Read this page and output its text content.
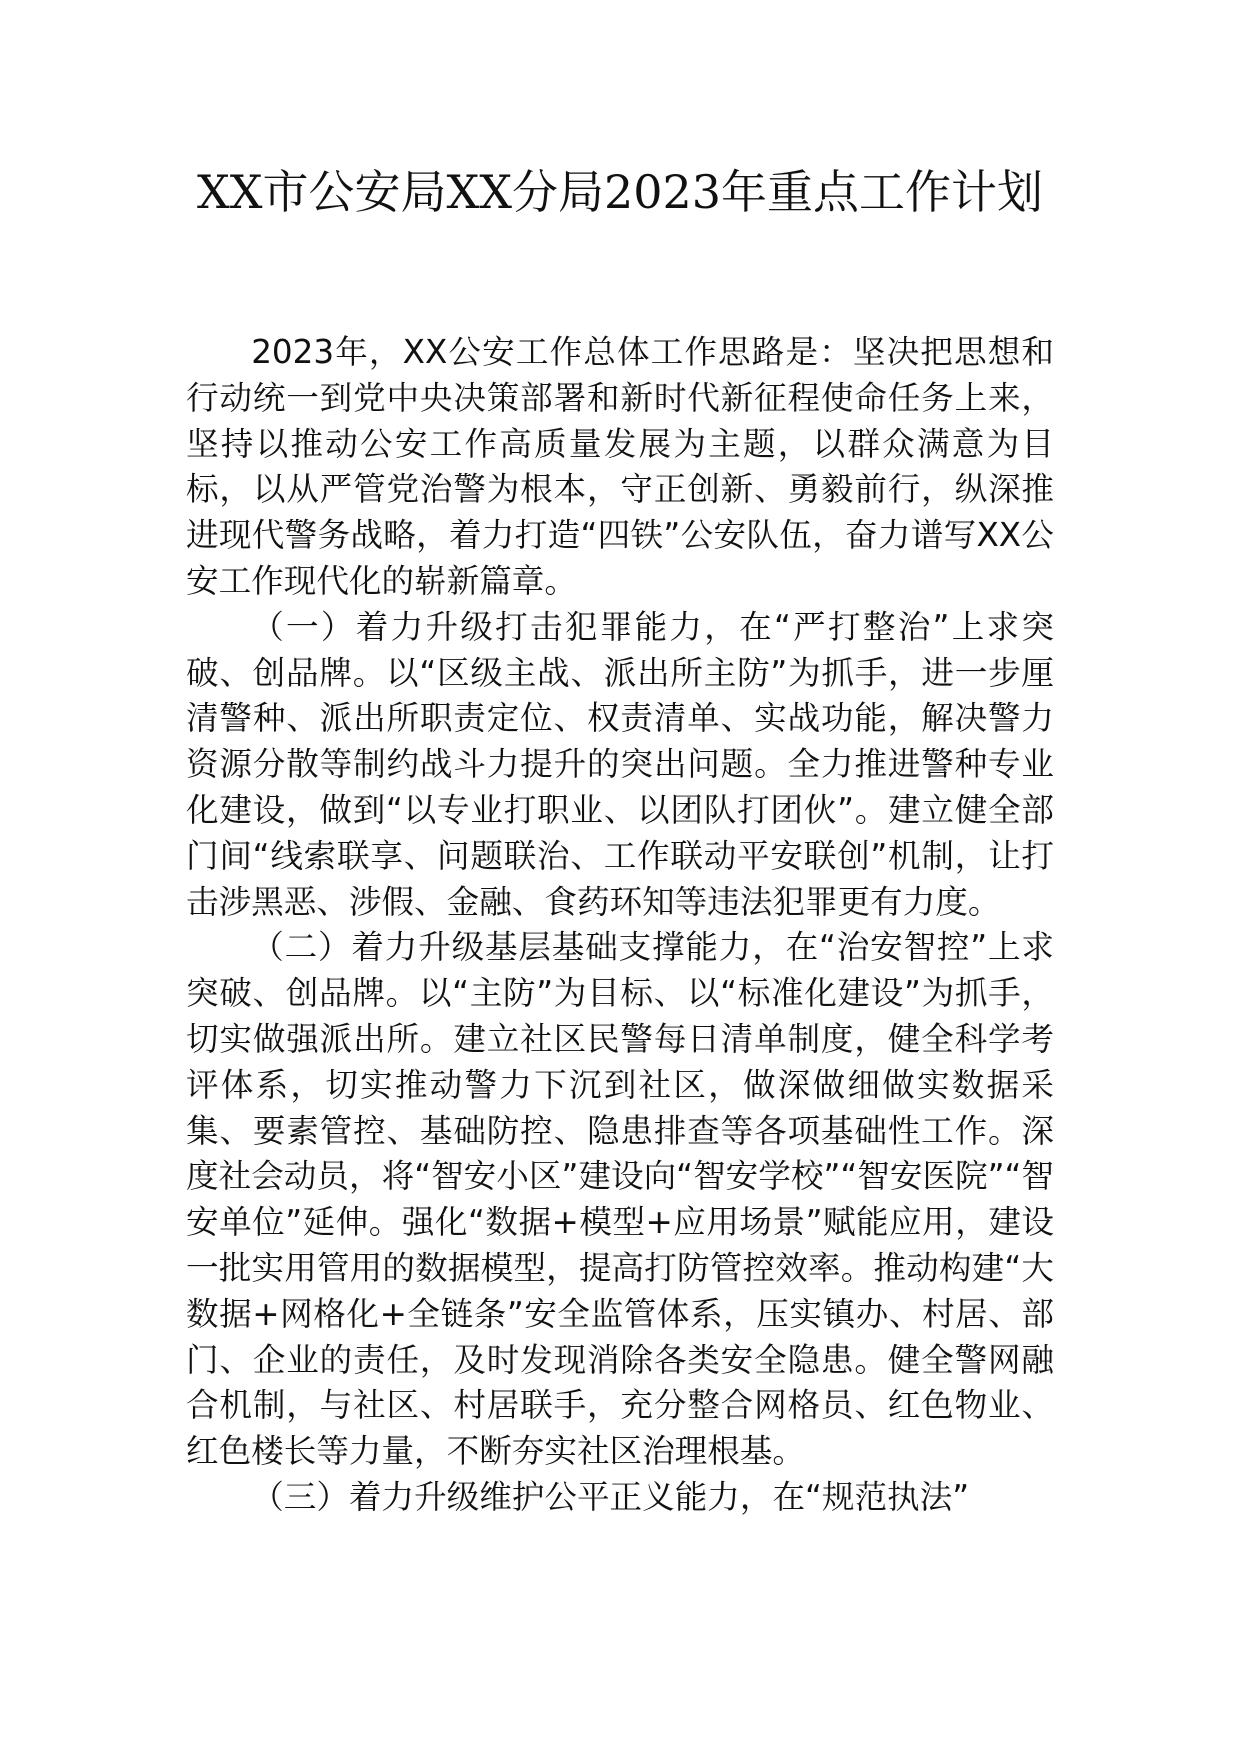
XX市公安局XX分局2023年重点工作计划

2023年，XX公安工作总体工作思路是：坚决把思想和行动统一到党中央决策部署和新时代新征程使命任务上来，坚持以推动公安工作高质量发展为主题，以群众满意为目标，以从严管党治警为根本，守正创新、勇毅前行，纵深推进现代警务战略，着力打造“四铁”公安队伍，奋力谱写XX公安工作现代化的崭新篇章。

（一）着力升级打击犯罪能力，在“严打整治”上求突破、创品牌。以“区级主战、派出所主防”为抓手，进一步厘清警种、派出所职责定位、权责清单、实战功能，解决警力资源分散等制约战斗力提升的突出问题。全力推进警种专业化建设，做到“以专业打职业、以团队打团伙”。建立健全部门间“线索联享、问题联治、工作联动平安联创”机制，让打击涉黑恶、涉假、金融、食药环知等违法犯罪更有力度。

（二）着力升级基层基础支撑能力，在“治安智控”上求突破、创品牌。以“主防”为目标、以“标准化建设”为抓手，切实做强派出所。建立社区民警每日清单制度，健全科学考评体系，切实推动警力下沉到社区，做深做细做实数据采集、要素管控、基础防控、隐患排查等各项基础性工作。深度社会动员，将“智安小区”建设向“智安学校”“智安医院”“智安单位”延伸。强化“数据+模型+应用场景”赋能应用，建设一批实用管用的数据模型，提高打防管控效率。推动构建“大数据+网格化+全链条”安全监管体系，压实镇办、村居、部门、企业的责任，及时发现消除各类安全隐患。健全警网融合机制，与社区、村居联手，充分整合网格员、红色物业、红色楼长等力量，不断夯实社区治理根基。

（三）着力升级维护公平正义能力，在“规范执法”
